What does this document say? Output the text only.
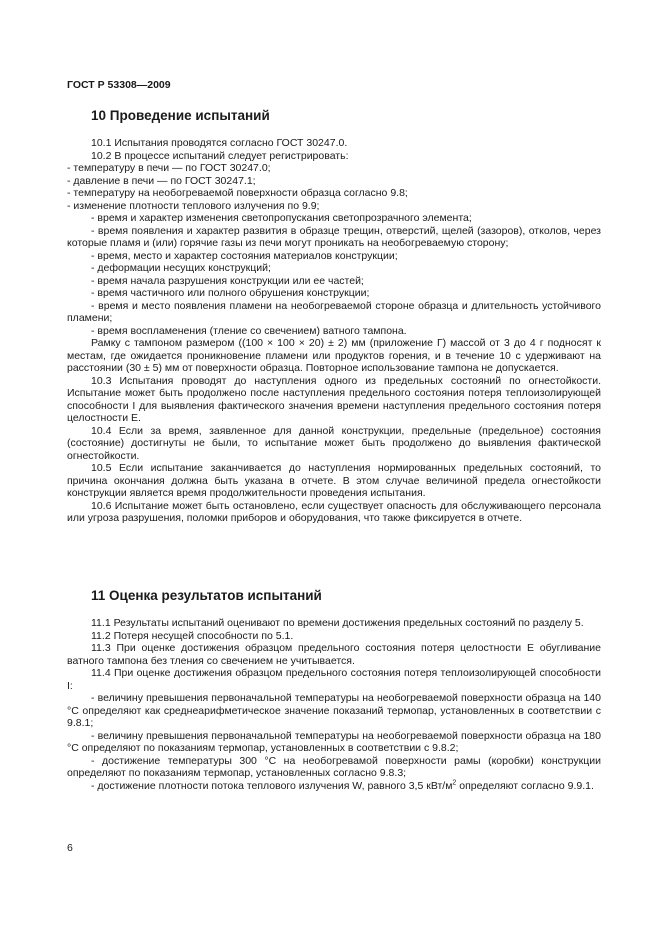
ГОСТ Р 53308—2009
10 Проведение испытаний

10.1 Испытания проводятся согласно ГОСТ 30247.0.

10.2 В процессе испытаний следует регистрировать:

- температуру в печи — по ГОСТ 30247.0;

- давление в печи — по ГОСТ 30247.1;

- температуру на необогреваемой поверхности образца согласно 9.8;

- изменение плотности теплового излучения по 9.9;

- время и характер изменения светопропускания светопрозрачного элемента;

- время появления и характер развития в образце трещин, отверстий, щелей (зазоров), отколов, через которые пламя и (или) горячие газы из печи могут проникать на необогреваемую сторону;

- время, место и характер состояния материалов конструкции;

- деформации несущих конструкций;

- время начала разрушения конструкции или ее частей;

- время частичного или полного обрушения конструкции;

- время и место появления пламени на необогреваемой стороне образца и длительность устойчивого пламени;

- время воспламенения (тление со свечением) ватного тампона.

Рамку с тампоном размером ((100 × 100 × 20) ± 2) мм (приложение Г) массой от 3 до 4 г подносят к местам, где ожидается проникновение пламени или продуктов горения, и в течение 10 с удерживают на расстоянии (30 ± 5) мм от поверхности образца. Повторное использование тампона не допускается.

10.3 Испытания проводят до наступления одного из предельных состояний по огнестойкости. Испытание может быть продолжено после наступления предельного состояния потеря теплоизолирующей способности I для выявления фактического значения времени наступления предельного состояния потеря целостности Е.

10.4 Если за время, заявленное для данной конструкции, предельные (предельное) состояния (состояние) достигнуты не были, то испытание может быть продолжено до выявления фактической огнестойкости.

10.5 Если испытание заканчивается до наступления нормированных предельных состояний, то причина окончания должна быть указана в отчете. В этом случае величиной предела огнестойкости конструкции является время продолжительности проведения испытания.

10.6 Испытание может быть остановлено, если существует опасность для обслуживающего персонала или угроза разрушения, поломки приборов и оборудования, что также фиксируется в отчете.

11 Оценка результатов испытаний

11.1 Результаты испытаний оценивают по времени достижения предельных состояний по разделу 5.

11.2 Потеря несущей способности по 5.1.

11.3 При оценке достижения образцом предельного состояния потеря целостности Е обугливание ватного тампона без тления со свечением не учитывается.

11.4 При оценке достижения образцом предельного состояния потеря теплоизолирующей способности I:

- величину превышения первоначальной температуры на необогреваемой поверхности образца на 140 °С определяют как среднеарифметическое значение показаний термопар, установленных в соответствии с 9.8.1;

- величину превышения первоначальной температуры на необогреваемой поверхности образца на 180 °С определяют по показаниям термопар, установленных в соответствии с 9.8.2;

- достижение температуры 300 °С на необогревамой поверхности рамы (коробки) конструкции определяют по показаниям термопар, установленных согласно 9.8.3;

- достижение плотности потока теплового излучения W, равного 3,5 кВт/$м^2$ определяют согласно 9.9.1.

6
